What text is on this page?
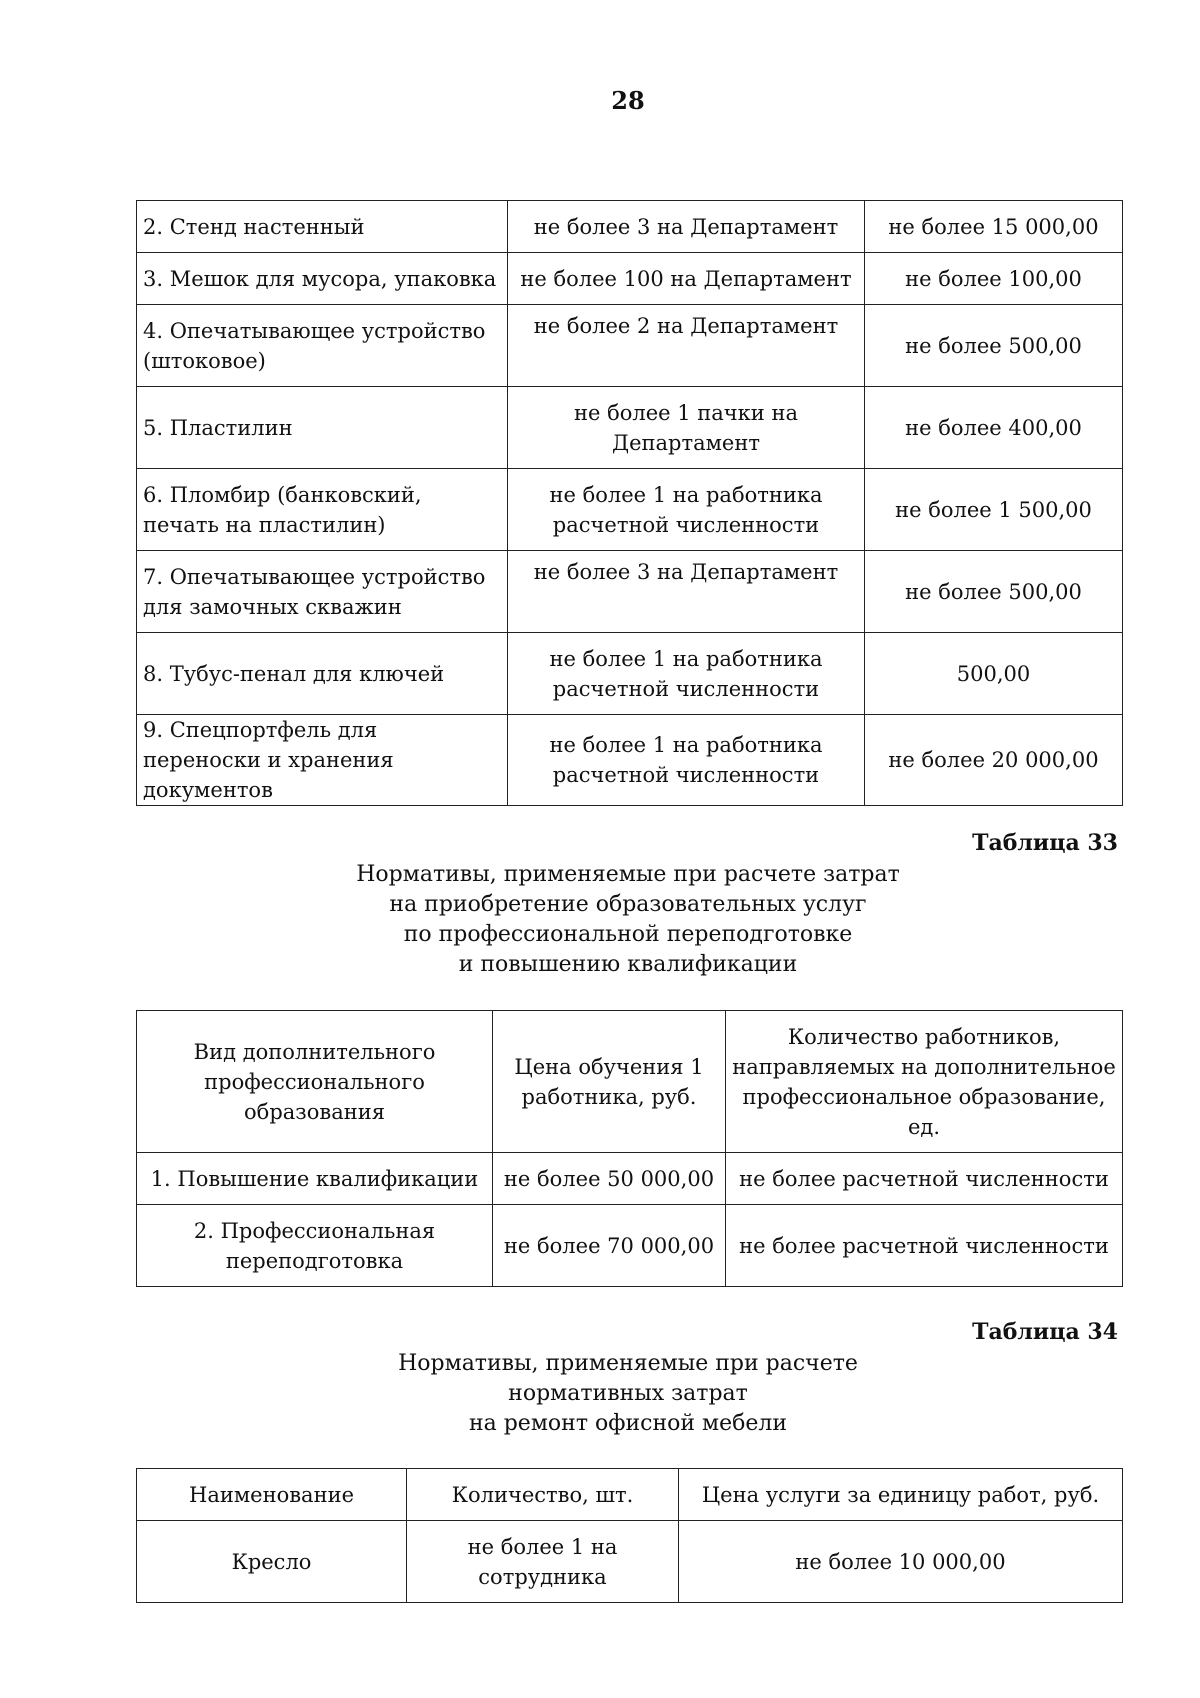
28
2. Стенд настенный	не более 3 на Департамент	не более 15 000,00
3. Мешок для мусора, упаковка	не более 100 на Департамент	не более 100,00
4. Опечатывающее устройство (штоковое)	не более 2 на Департамент	не более 500,00
5. Пластилин	не более 1 пачки на Департамент	не более 400,00
6. Пломбир (банковский, печать на пластилин)	не более 1 на работника расчетной численности	не более 1 500,00
7. Опечатывающее устройство для замочных скважин	не более 3 на Департамент	не более 500,00
8. Тубус-пенал для ключей	не более 1 на работника расчетной численности	500,00
9. Спецпортфель для переноски и хранения документов	не более 1 на работника расчетной численности	не более 20 000,00
Таблица 33
Нормативы, применяемые при расчете затрат
на приобретение образовательных услуг
по профессиональной переподготовке
и повышению квалификации
Вид дополнительного профессионального образования	Цена обучения 1 работника, руб.	Количество работников, направляемых на дополнительное профессиональное образование, ед.
1. Повышение квалификации	не более 50 000,00	не более расчетной численности
2. Профессиональная переподготовка	не более 70 000,00	не более расчетной численности
Таблица 34
Нормативы, применяемые при расчете
нормативных затрат
на ремонт офисной мебели
Наименование	Количество, шт.	Цена услуги за единицу работ, руб.
Кресло	не более 1 на сотрудника	не более 10 000,00
